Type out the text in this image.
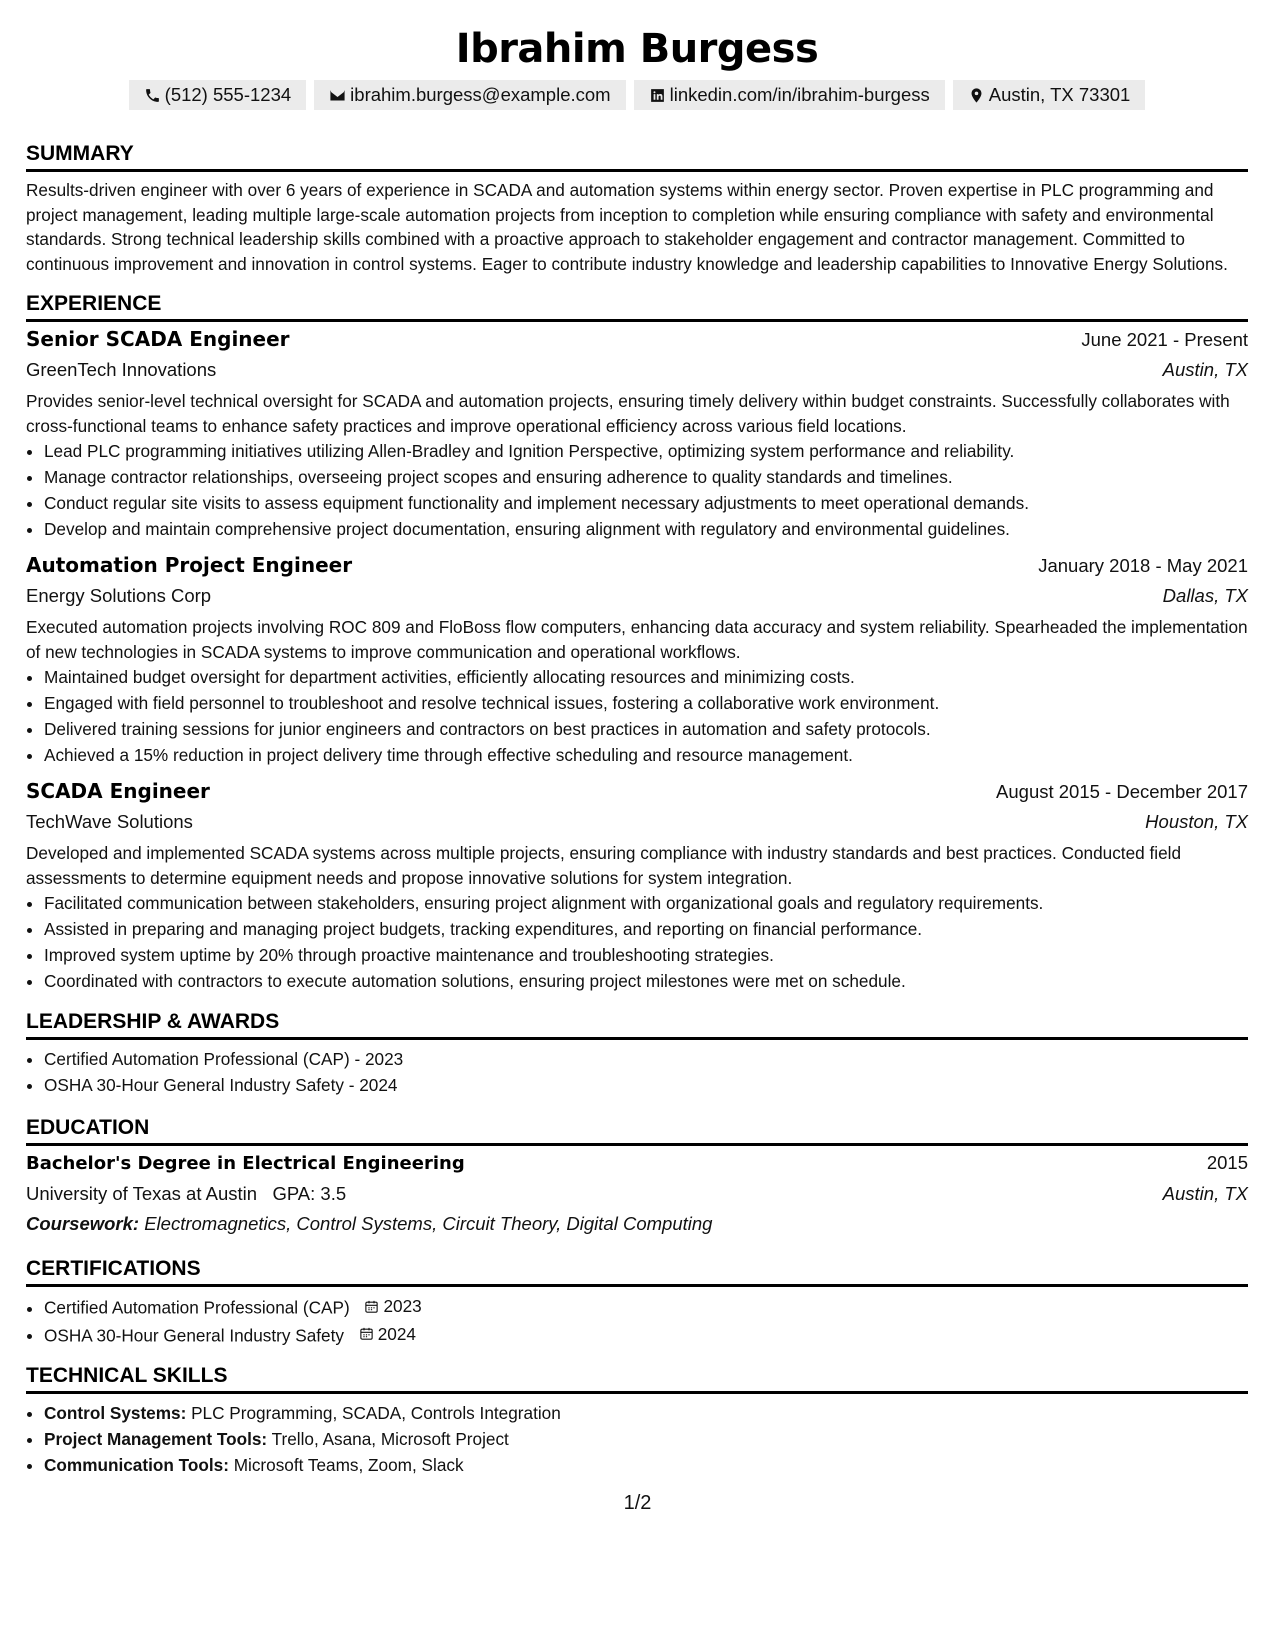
Ibrahim Burgess
(512) 555-1234	ibrahim.burgess@example.com	linkedin.com/in/ibrahim-burgess	Austin, TX 73301
SUMMARY

Results-driven engineer with over 6 years of experience in SCADA and automation systems within energy sector. Proven expertise in PLC programming and project management, leading multiple large-scale automation projects from inception to completion while ensuring compliance with safety and environmental standards. Strong technical leadership skills combined with a proactive approach to stakeholder engagement and contractor management. Committed to continuous improvement and innovation in control systems. Eager to contribute industry knowledge and leadership capabilities to Innovative Energy Solutions.

EXPERIENCE
Senior SCADA Engineer	June 2021 - Present
GreenTech Innovations	Austin, TX

Provides senior-level technical oversight for SCADA and automation projects, ensuring timely delivery within budget constraints. Successfully collaborates with cross-functional teams to enhance safety practices and improve operational efficiency across various field locations.

• Lead PLC programming initiatives utilizing Allen-Bradley and Ignition Perspective, optimizing system performance and reliability.
• Manage contractor relationships, overseeing project scopes and ensuring adherence to quality standards and timelines.
• Conduct regular site visits to assess equipment functionality and implement necessary adjustments to meet operational demands.
• Develop and maintain comprehensive project documentation, ensuring alignment with regulatory and environmental guidelines.
Automation Project Engineer	January 2018 - May 2021
Energy Solutions Corp	Dallas, TX

Executed automation projects involving ROC 809 and FloBoss flow computers, enhancing data accuracy and system reliability. Spearheaded the implementation of new technologies in SCADA systems to improve communication and operational workflows.

• Maintained budget oversight for department activities, efficiently allocating resources and minimizing costs.
• Engaged with field personnel to troubleshoot and resolve technical issues, fostering a collaborative work environment.
• Delivered training sessions for junior engineers and contractors on best practices in automation and safety protocols.
• Achieved a 15% reduction in project delivery time through effective scheduling and resource management.
SCADA Engineer	August 2015 - December 2017
TechWave Solutions	Houston, TX

Developed and implemented SCADA systems across multiple projects, ensuring compliance with industry standards and best practices. Conducted field assessments to determine equipment needs and propose innovative solutions for system integration.

• Facilitated communication between stakeholders, ensuring project alignment with organizational goals and regulatory requirements.
• Assisted in preparing and managing project budgets, tracking expenditures, and reporting on financial performance.
• Improved system uptime by 20% through proactive maintenance and troubleshooting strategies.
• Coordinated with contractors to execute automation solutions, ensuring project milestones were met on schedule.
LEADERSHIP & AWARDS
• Certified Automation Professional (CAP) - 2023
• OSHA 30-Hour General Industry Safety - 2024
EDUCATION
Bachelor's Degree in Electrical Engineering	2015
University of Texas at Austin GPA: 3.5	Austin, TX
Coursework: Electromagnetics, Control Systems, Circuit Theory, Digital Computing
CERTIFICATIONS
• Certified Automation Professional (CAP) 2023
• OSHA 30-Hour General Industry Safety 2024
TECHNICAL SKILLS
• Control Systems: PLC Programming, SCADA, Controls Integration
• Project Management Tools: Trello, Asana, Microsoft Project
• Communication Tools: Microsoft Teams, Zoom, Slack
1/2
